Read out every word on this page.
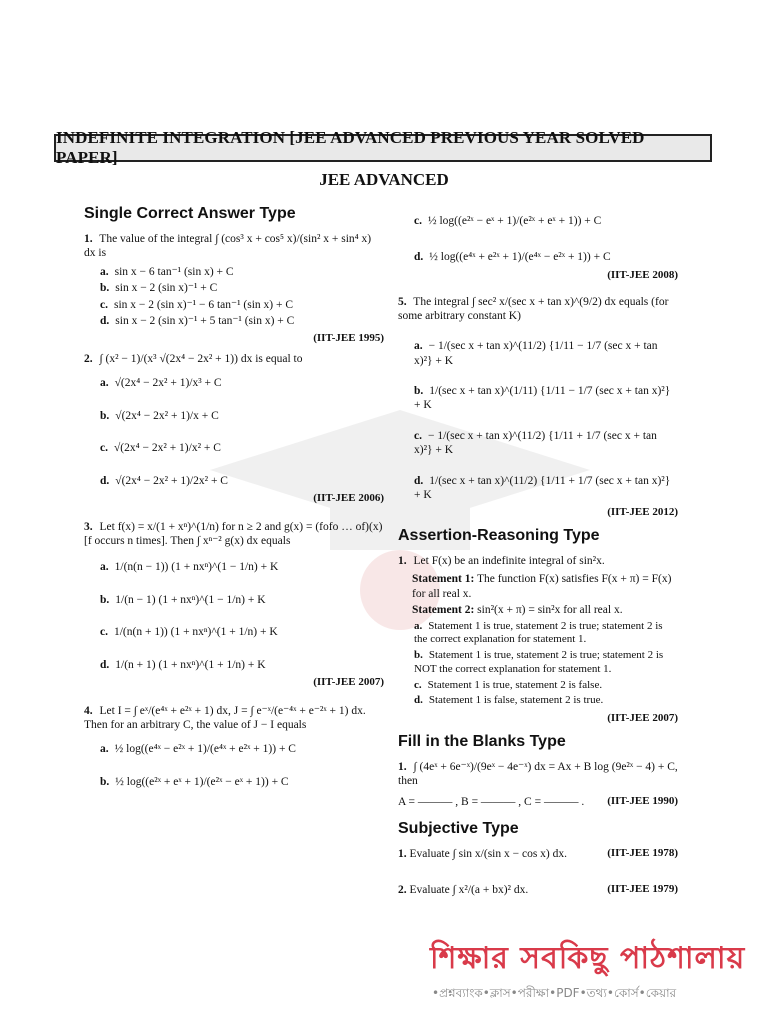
INDEFINITE INTEGRATION [JEE ADVANCED PREVIOUS YEAR SOLVED PAPER]
JEE ADVANCED
Single Correct Answer Type
1. The value of the integral ∫ (cos³ x + cos⁵ x)/(sin² x + sin⁴ x) dx is
a. sin x − 6 tan⁻¹ (sin x) + C
b. sin x − 2 (sin x)⁻¹ + C
c. sin x − 2 (sin x)⁻¹ − 6 tan⁻¹ (sin x) + C
d. sin x − 2 (sin x)⁻¹ + 5 tan⁻¹ (sin x) + C
(IIT-JEE 1995)
2. ∫ (x² − 1)/(x³ √(2x⁴ − 2x² + 1)) dx is equal to
a. √(2x⁴ − 2x² + 1)/x³ + C
b. √(2x⁴ − 2x² + 1)/x + C
c. √(2x⁴ − 2x² + 1)/x² + C
d. √(2x⁴ − 2x² + 1)/2x² + C
(IIT-JEE 2006)
3. Let f(x) = x/(1 + xⁿ)^(1/n) for n ≥ 2 and g(x) = (fofo … of)(x) [f occurs n times]. Then ∫ xⁿ⁻² g(x) dx equals
a. 1/(n(n − 1)) (1 + nxⁿ)^(1 − 1/n) + K
b. 1/(n − 1) (1 + nxⁿ)^(1 − 1/n) + K
c. 1/(n(n + 1)) (1 + nxⁿ)^(1 + 1/n) + K
d. 1/(n + 1) (1 + nxⁿ)^(1 + 1/n) + K
(IIT-JEE 2007)
4. Let I = ∫ eˣ/(e⁴ˣ + e²ˣ + 1) dx, J = ∫ e⁻ˣ/(e⁻⁴ˣ + e⁻²ˣ + 1) dx. Then for an arbitrary C, the value of J − I equals
a. ½ log((e⁴ˣ − e²ˣ + 1)/(e⁴ˣ + e²ˣ + 1)) + C
b. ½ log((e²ˣ + eˣ + 1)/(e²ˣ − eˣ + 1)) + C
c. ½ log((e²ˣ − eˣ + 1)/(e²ˣ + eˣ + 1)) + C
d. ½ log((e⁴ˣ + e²ˣ + 1)/(e⁴ˣ − e²ˣ + 1)) + C
(IIT-JEE 2008)
5. The integral ∫ sec² x/(sec x + tan x)^(9/2) dx equals (for some arbitrary constant K)
a. − 1/(sec x + tan x)^(11/2) {1/11 − 1/7 (sec x + tan x)²} + K
b. 1/(sec x + tan x)^(1/11) {1/11 − 1/7 (sec x + tan x)²} + K
c. − 1/(sec x + tan x)^(11/2) {1/11 + 1/7 (sec x + tan x)²} + K
d. 1/(sec x + tan x)^(11/2) {1/11 + 1/7 (sec x + tan x)²} + K
(IIT-JEE 2012)
Assertion-Reasoning Type
1. Let F(x) be an indefinite integral of sin²x.
Statement 1: The function F(x) satisfies F(x + π) = F(x) for all real x.
Statement 2: sin²(x + π) = sin²x for all real x.
a. Statement 1 is true, statement 2 is true; statement 2 is the correct explanation for statement 1.
b. Statement 1 is true, statement 2 is true; statement 2 is NOT the correct explanation for statement 1.
c. Statement 1 is true, statement 2 is false.
d. Statement 1 is false, statement 2 is true.
(IIT-JEE 2007)
Fill in the Blanks Type
1. ∫ (4eˣ + 6e⁻ˣ)/(9eˣ − 4e⁻ˣ) dx = Ax + B log (9e²ˣ − 4) + C, then
A = ——— , B = ——— , C = ——— . (IIT-JEE 1990)
Subjective Type
1. Evaluate ∫ sin x/(sin x − cos x) dx.	(IIT-JEE 1978)
2. Evaluate ∫ x²/(a + bx)² dx.	(IIT-JEE 1979)
শিক্ষার সবকিছু পাঠশালায়
•প্রশ্নব্যাংক•ক্লাস•পরীক্ষা•PDF•তথ্য•কোর্স•কেয়ার
